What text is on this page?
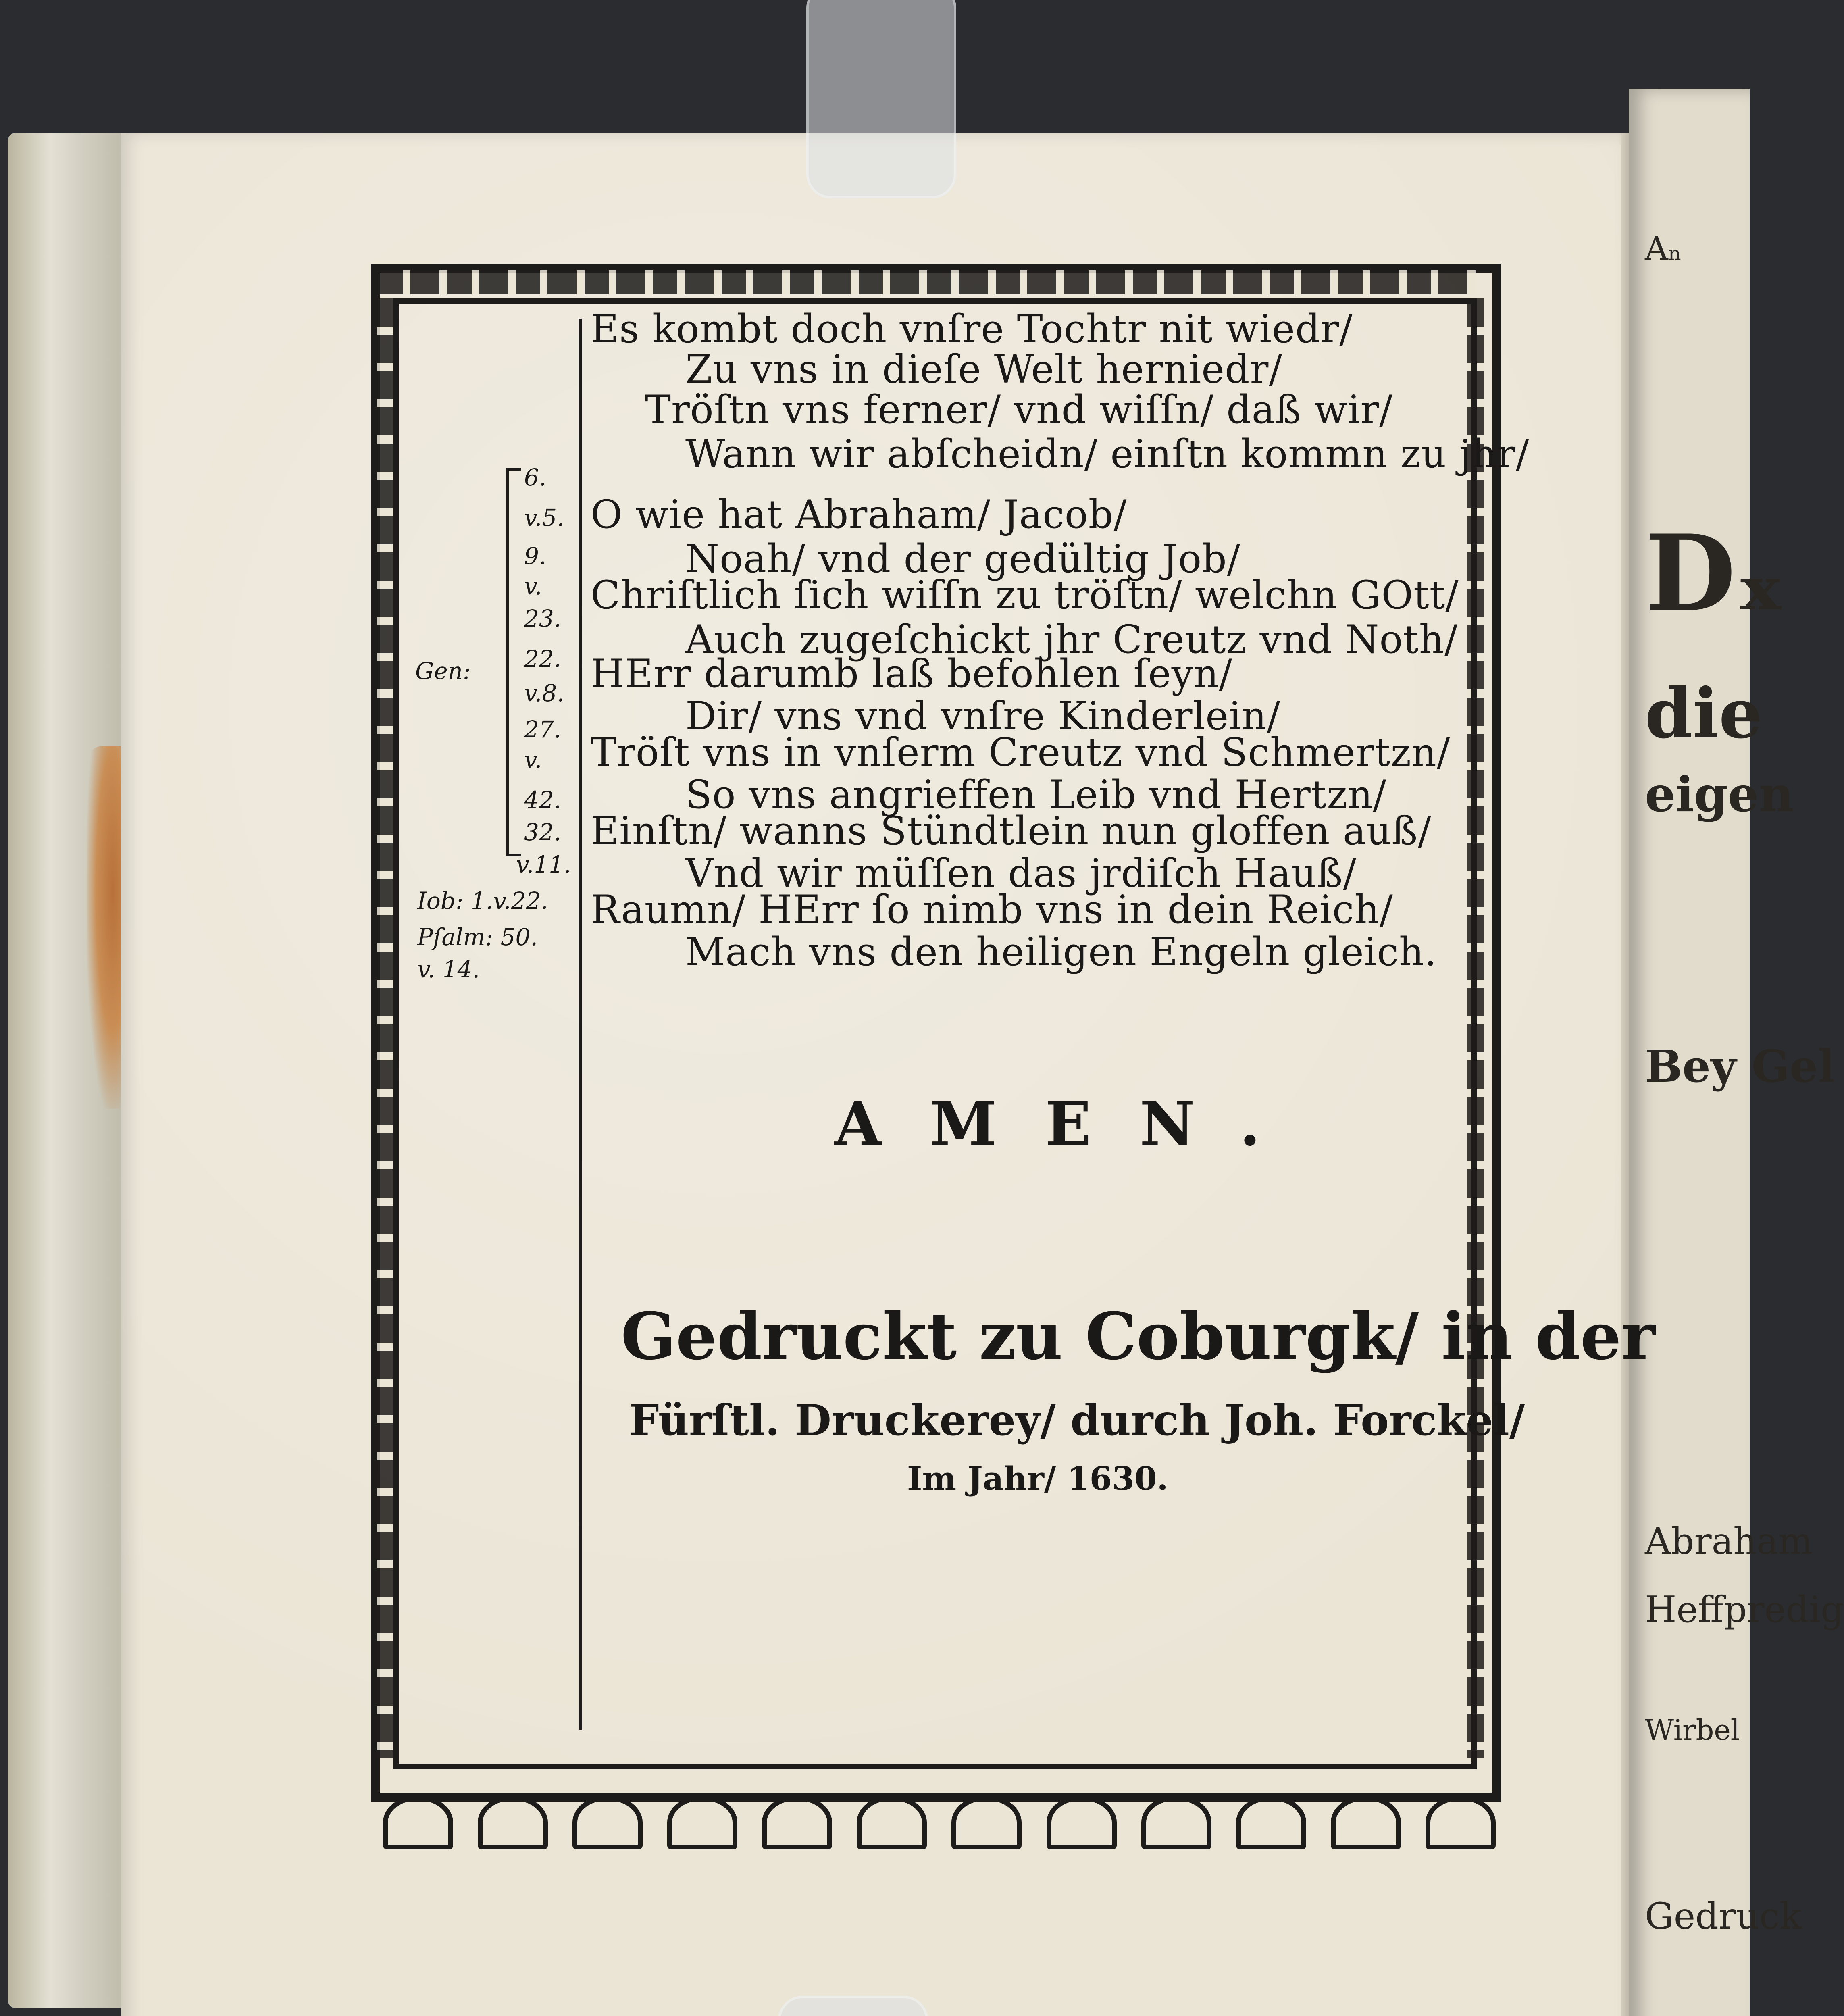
Aₙ
Dₓ
die
eigen
Bey Gel
Abraham
Heffpredig
Wirbel
Gedruck
Gen:
6.
v.5.
9.
v.
23.
22.
v.8.
27.
v.
42.
32.
v.11.
Iob: 1.v.22.
Pſalm: 50.
v. 14.
Es kombt doch vnſre Tochtr nit wiedr/
Zu vns in dieſe Welt herniedr/
Tröſtn vns ferner/ vnd wiſſn/ daß wir/
Wann wir abſcheidn/ einſtn kommn zu jhr/
O wie hat Abraham/ Jacob/
Noah/ vnd der gedültig Job/
Chriſtlich ſich wiſſn zu tröſtn/ welchn GOtt/
Auch zugeſchickt jhr Creutz vnd Noth/
HErr darumb laß befohlen ſeyn/
Dir/ vns vnd vnſre Kinderlein/
Tröſt vns in vnſerm Creutz vnd Schmertzn/
So vns angrieffen Leib vnd Hertzn/
Einſtn/ wanns Stündtlein nun gloffen auß/
Vnd wir müſſen das jrdiſch Hauß/
Raumn/ HErr ſo nimb vns in dein Reich/
Mach vns den heiligen Engeln gleich.
AMEN.
Gedruckt zu Coburgk/ in der
Fürſtl. Druckerey/ durch Joh. Forckel/
Im Jahr/ 1630.
